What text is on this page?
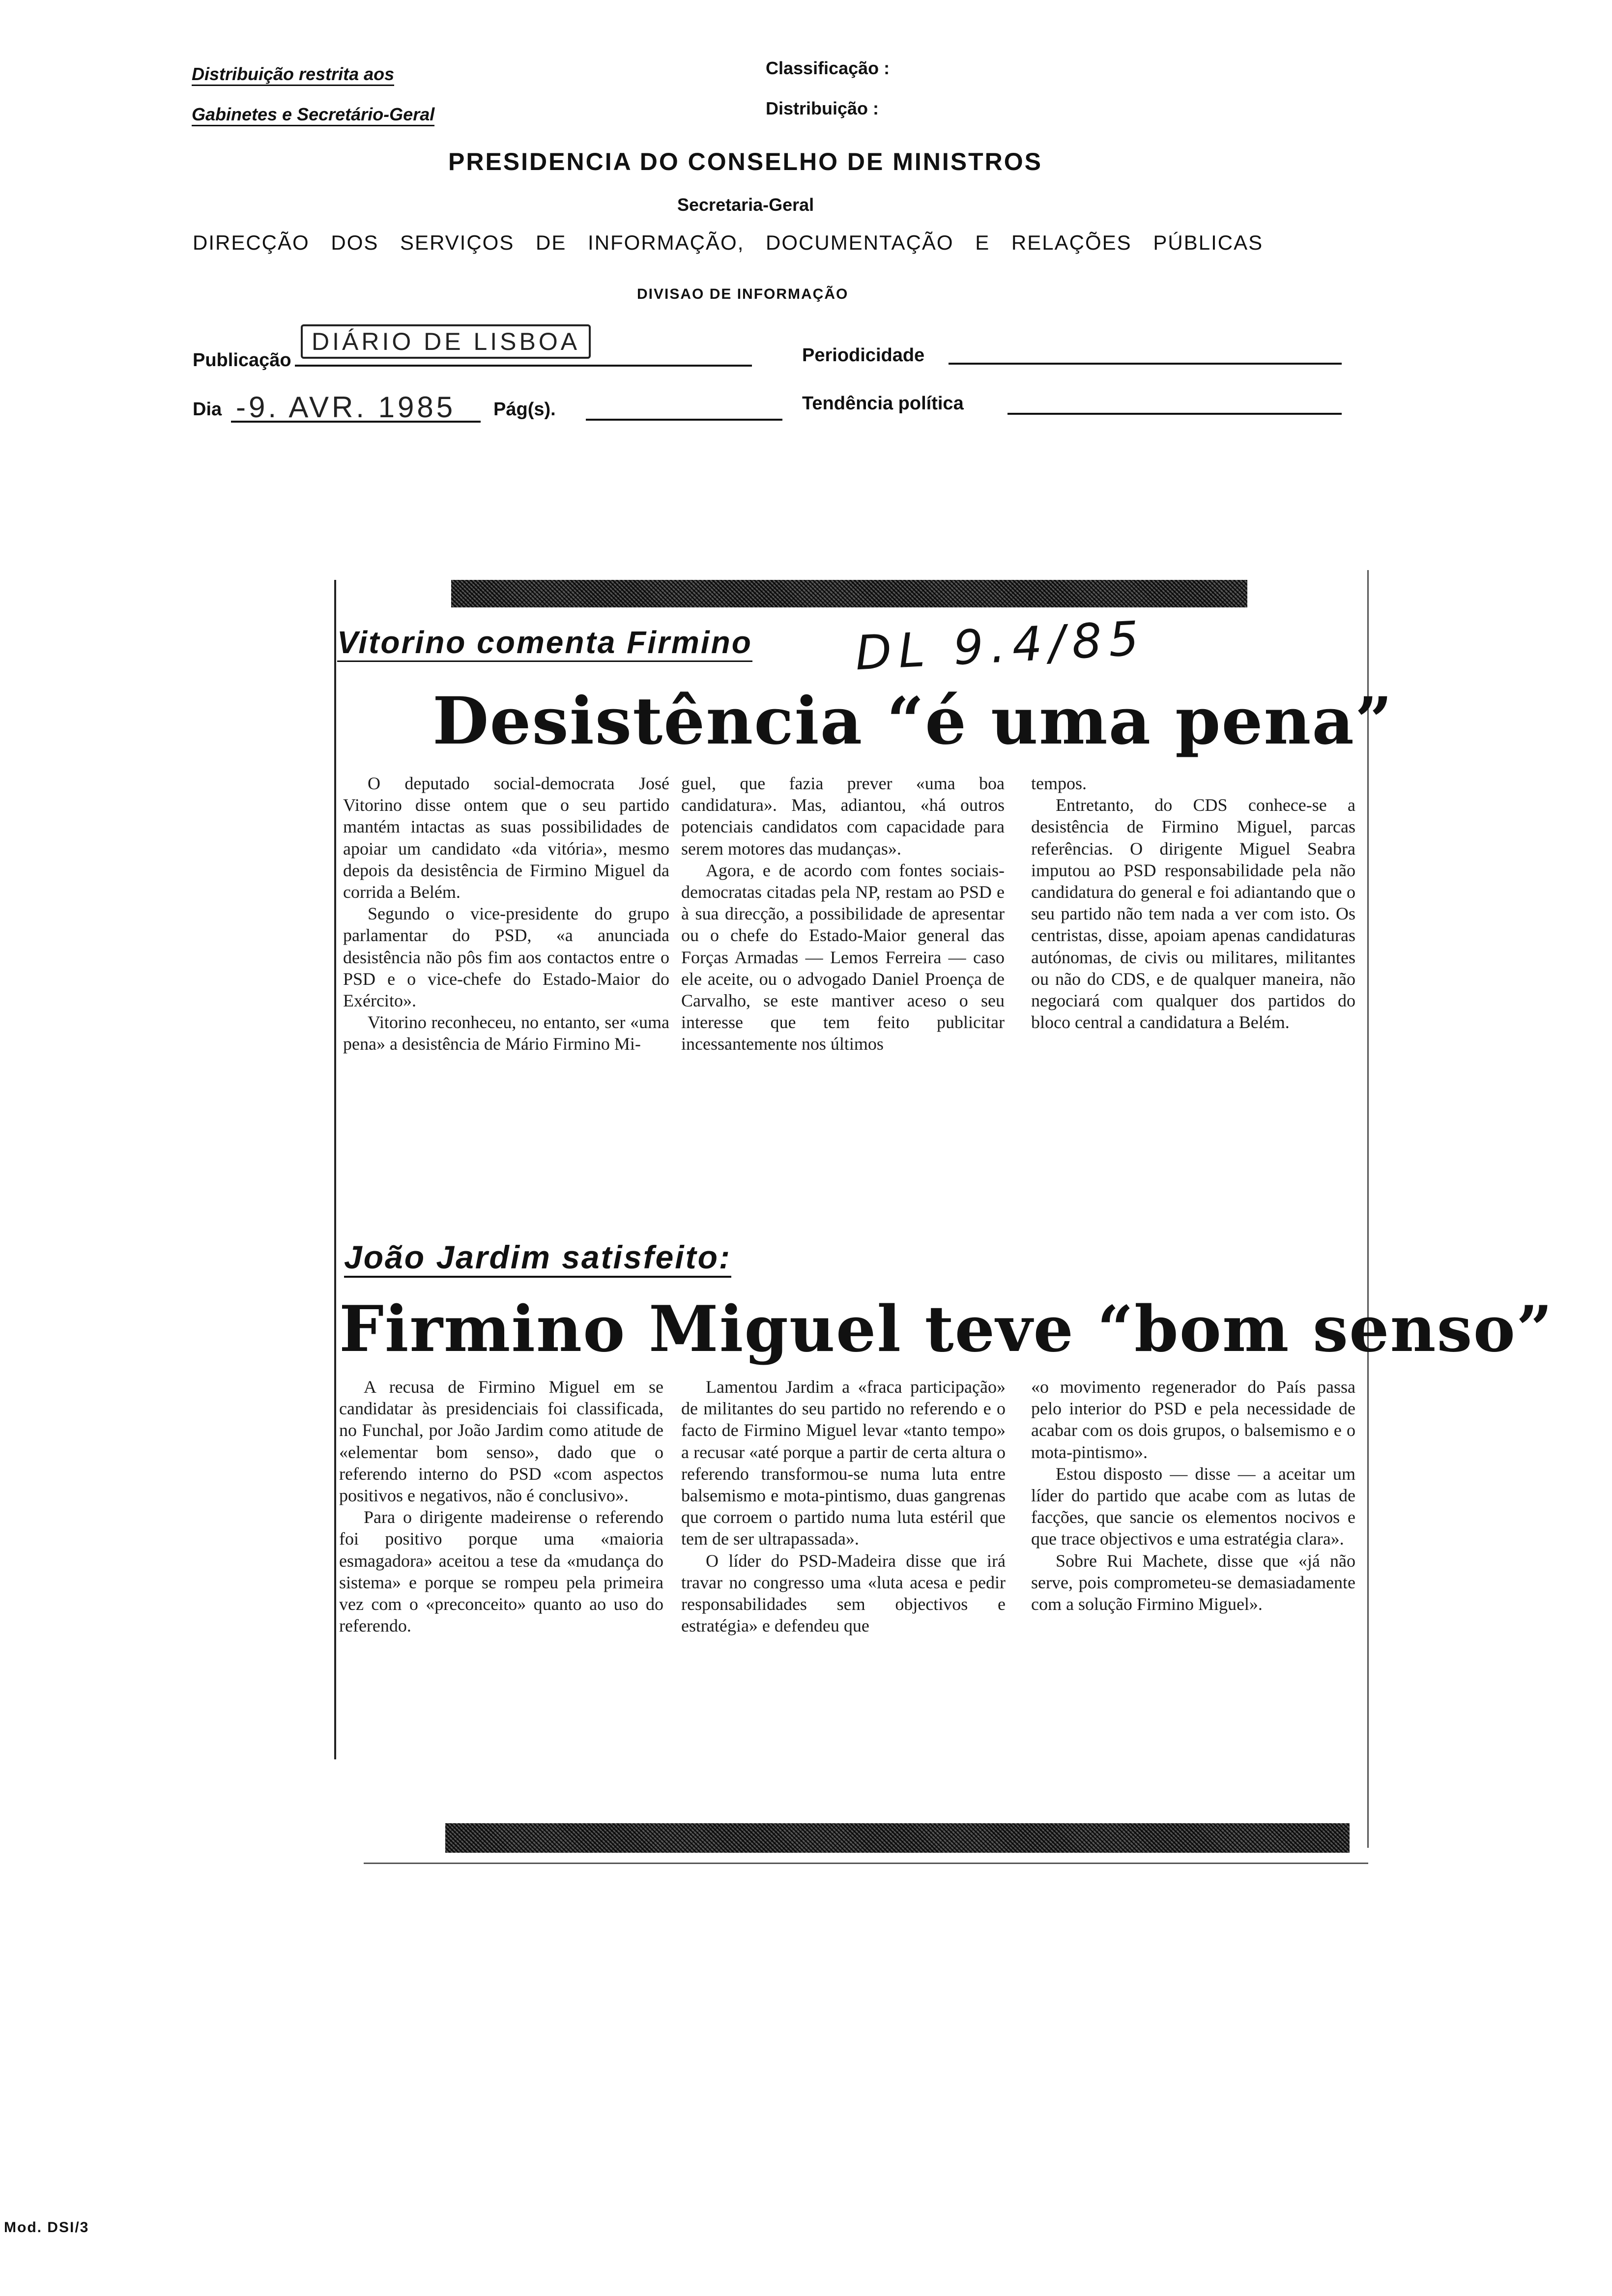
Distribuição restrita aos
Gabinetes e Secretário-Geral
Classificação :
Distribuição :
PRESIDENCIA DO CONSELHO DE MINISTROS
Secretaria-Geral
DIRECÇÃO DOS SERVIÇOS DE INFORMAÇÃO, DOCUMENTAÇÃO E RELAÇÕES PÚBLICAS
DIVISAO DE INFORMAÇÃO
Publicação
DIÁRIO DE LISBOA	Periodicidade
Dia -9. AVR. 1985 Pág(s).	Tendência política
Vitorino comenta Firmino DL 9.4/85
Desistência “é uma pena”

O deputado social-democrata José Vitorino disse ontem que o seu partido mantém intactas as suas possibilidades de apoiar um candidato «da vitória», mesmo depois da desistência de Firmino Miguel da corrida a Belém.

Segundo o vice-presidente do grupo parlamentar do PSD, «a anunciada desistência não pôs fim aos contactos entre o PSD e o vice-chefe do Estado-Maior do Exército».

Vitorino reconheceu, no entanto, ser «uma pena» a desistência de Mário Firmino Mi-

guel, que fazia prever «uma boa candidatura». Mas, adiantou, «há outros potenciais candidatos com capacidade para serem motores das mudanças».

Agora, e de acordo com fontes sociais-democratas citadas pela NP, restam ao PSD e à sua direcção, a possibilidade de apresentar ou o chefe do Estado-Maior general das Forças Armadas — Lemos Ferreira — caso ele aceite, ou o advogado Daniel Proença de Carvalho, se este mantiver aceso o seu interesse que tem feito publicitar incessantemente nos últimos

tempos.

Entretanto, do CDS conhece-se a desistência de Firmino Miguel, parcas referências. O dirigente Miguel Seabra imputou ao PSD responsabilidade pela não candidatura do general e foi adiantando que o seu partido não tem nada a ver com isto. Os centristas, disse, apoiam apenas candidaturas autónomas, de civis ou militares, militantes ou não do CDS, e de qualquer maneira, não negociará com qualquer dos partidos do bloco central a candidatura a Belém.

João Jardim satisfeito:
Firmino Miguel teve “bom senso”

A recusa de Firmino Miguel em se candidatar às presidenciais foi classificada, no Funchal, por João Jardim como atitude de «elementar bom senso», dado que o referendo interno do PSD «com aspectos positivos e negativos, não é conclusivo».

Para o dirigente madeirense o referendo foi positivo porque uma «maioria esmagadora» aceitou a tese da «mudança do sistema» e porque se rompeu pela primeira vez com o «preconceito» quanto ao uso do referendo.

Lamentou Jardim a «fraca participação» de militantes do seu partido no referendo e o facto de Firmino Miguel levar «tanto tempo» a recusar «até porque a partir de certa altura o referendo transformou-se numa luta entre balsemismo e mota-pintismo, duas gangrenas que corroem o partido numa luta estéril que tem de ser ultrapassada».

O líder do PSD-Madeira disse que irá travar no congresso uma «luta acesa e pedir responsabilidades sem objectivos e estratégia» e defendeu que

«o movimento regenerador do País passa pelo interior do PSD e pela necessidade de acabar com os dois grupos, o balsemismo e o mota-pintismo».

Estou disposto — disse — a aceitar um líder do partido que acabe com as lutas de facções, que sancie os elementos nocivos e que trace objectivos e uma estratégia clara».

Sobre Rui Machete, disse que «já não serve, pois comprometeu-se demasiadamente com a solução Firmino Miguel».

Mod. DSI/3
